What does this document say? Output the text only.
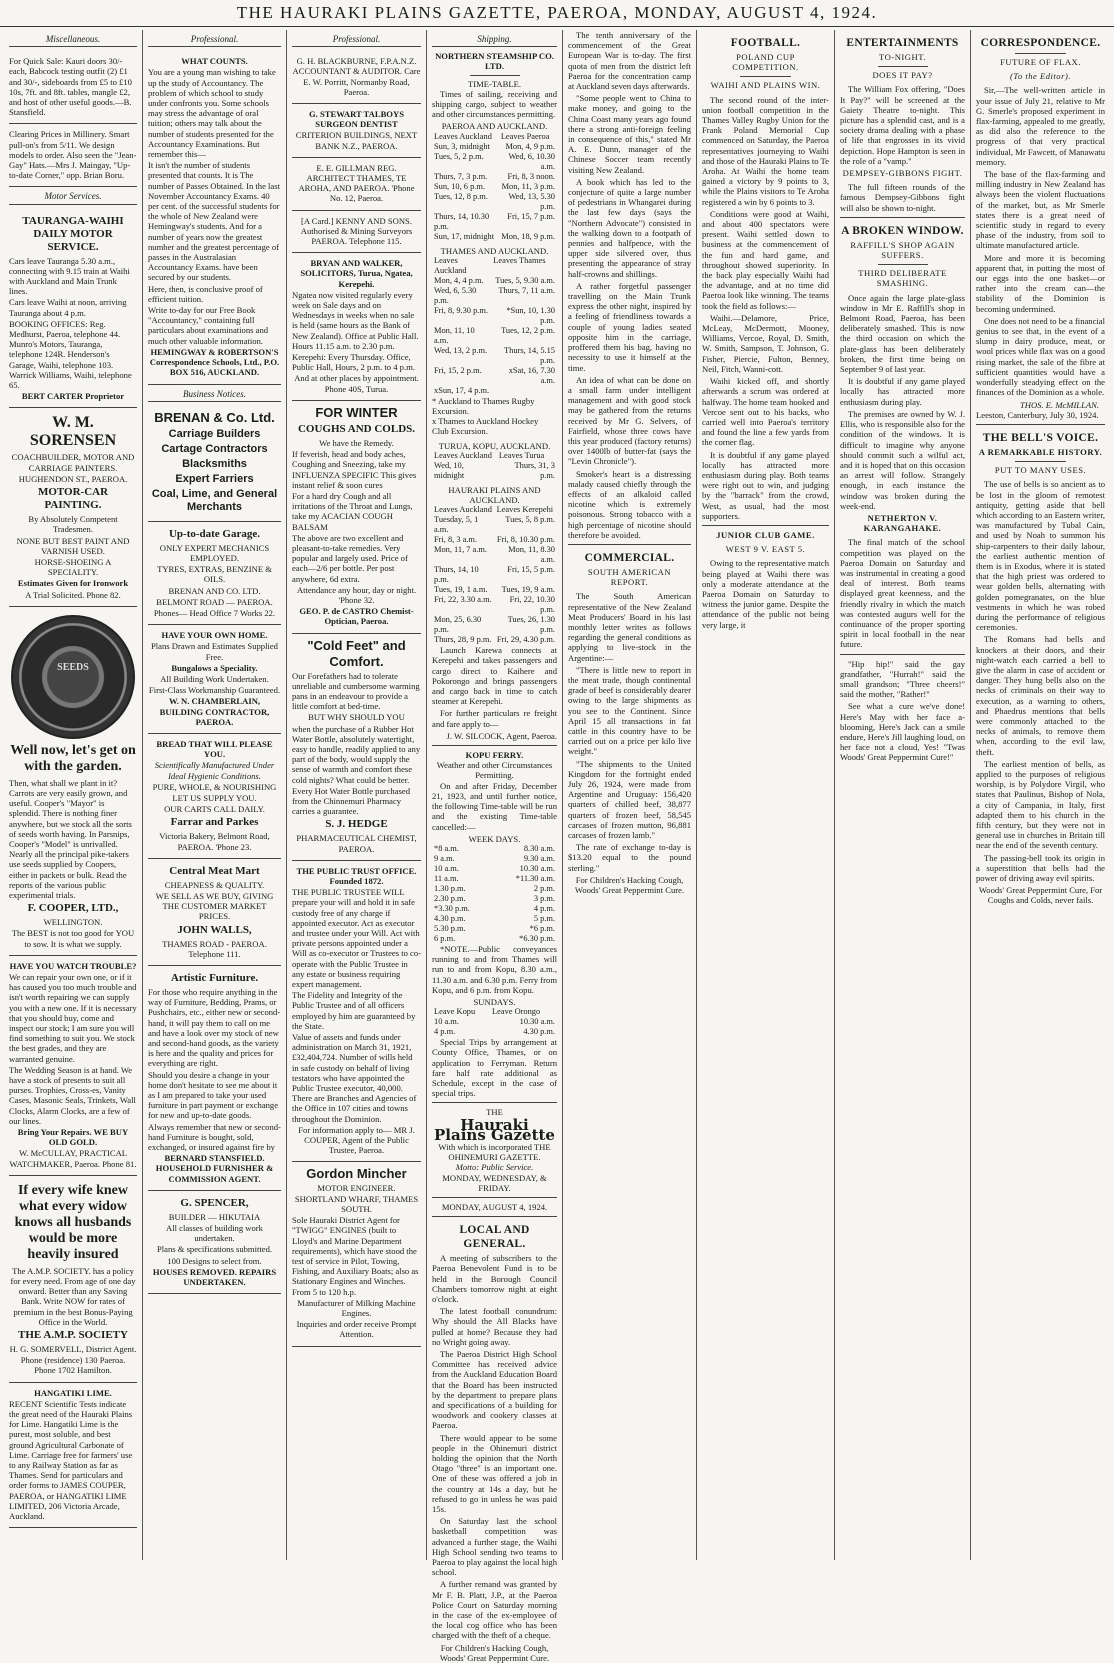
THE HAURAKI PLAINS GAZETTE, PAEROA, MONDAY, AUGUST 4, 1924.
Miscellaneous.
For Quick Sale: Kauri doors 30/- each, Babcock testing outfit (2) £1 and 30/-, sideboards from £5 to £10 10s, 7ft. and 8ft. tables, mangle £2, and host of other useful goods.—B. Stansfield.
Clearing Prices in Millinery. Smart pull-on's from 5/11. We design models to order. Also seen the "Jean-Gay" Hats.—Mrs J. Maingay, "Up-to-date Corner," opp. Brian Boru.
Motor Services.
TAURANGA-WAIHI DAILY MOTOR SERVICE.
Cars leave Tauranga 5.30 a.m., connecting with 9.15 train at Waihi with Auckland and Main Trunk lines.
Cars leave Waihi at noon, arriving Tauranga about 4 p.m.
BOOKING OFFICES: Reg. Medhurst, Paeroa, telephone 44. Munro's Motors, Tauranga, telephone 124R. Henderson's Garage, Waihi, telephone 103. Warrick Williams, Waihi, telephone 65.
BERT CARTER Proprietor
W. M. SORENSEN
COACHBUILDER, MOTOR AND CARRIAGE PAINTERS.
HUGHENDON ST., PAEROA.
MOTOR-CAR PAINTING.
By Absolutely Competent Tradesmen.
NONE BUT BEST PAINT AND VARNISH USED.
HORSE-SHOEING A SPECIALITY.
Estimates Given for Ironwork
A Trial Solicited. Phone 82.
SEEDS
Well now, let's get on with the garden.
Then, what shall we plant in it? Carrots are very easily grown, and useful. Cooper's "Mayor" is splendid. There is nothing finer anywhere, but we stock all the sorts of seeds worth having. In Parsnips, Cooper's "Model" is unrivalled. Nearly all the principal pike-takers use seeds supplied by Coopers, either in packets or bulk. Read the reports of the various public experimental trials.
F. COOPER, LTD.,
WELLINGTON.
The BEST is not too good for YOU to sow. It is what we supply.
HAVE YOU WATCH TROUBLE?
We can repair your own one, or if it has caused you too much trouble and isn't worth repairing we can supply you with a new one. If it is necessary that you should buy, come and inspect our stock; I am sure you will find something to suit you. We stock the best grades, and they are warranted genuine.
The Wedding Season is at hand. We have a stock of presents to suit all purses. Trophies, Cross-es, Vanity Cases, Masonic Seals, Trinkets, Wall Clocks, Alarm Clocks, are a few of our lines.
Bring Your Repairs. WE BUY OLD GOLD.
W. McCULLAY, PRACTICAL WATCHMAKER, Paeroa. Phone 81.
If every wife knew what every widow knows all husbands would be more heavily insured
The A.M.P. SOCIETY. has a policy for every need. From age of one day onward. Better than any Saving Bank. Write NOW for rates of premium in the best Bonus-Paying Office in the World.
THE A.M.P. SOCIETY
H. G. SOMERVELL, District Agent.
Phone (residence) 130 Paeroa. Phone 1702 Hamilton.
HANGATIKI LIME.
RECENT Scientific Tests indicate the great need of the Hauraki Plains for Lime. Hangatiki Lime is the purest, most soluble, and best ground Agricultural Carbonate of Lime. Carriage free for farmers' use to any Railway Station as far as Thames. Send for particulars and order forms to JAMES COUPER, PAEROA, or HANGATIKI LIME LIMITED, 206 Victoria Arcade, Auckland.
Professional.
WHAT COUNTS.
You are a young man wishing to take up the study of Accountancy. The problem of which school to study under confronts you. Some schools may stress the advantage of oral tuition; others may talk about the number of students presented for the Accountancy Examinations. But remember this—
It isn't the number of students presented that counts. It is The number of Passes Obtained. In the last November Accountancy Exams. 40 per cent. of the successful students for the whole of New Zealand were Hemingway's students. And for a number of years now the greatest number and the greatest percentage of passes in the Australasian Accountancy Exams. have been secured by our students.
Here, then, is conclusive proof of efficient tuition.
Write to-day for our Free Book "Accountancy," containing full particulars about examinations and much other valuable information.
HEMINGWAY & ROBERTSON'S Correspondence Schools, Ltd., P.O. BOX 516, AUCKLAND.
Business Notices.
BRENAN & Co. Ltd.
Carriage Builders
Cartage Contractors
Blacksmiths
Expert Farriers
Coal, Lime, and General Merchants
Up-to-date Garage.
ONLY EXPERT MECHANICS EMPLOYED.
TYRES, EXTRAS, BENZINE & OILS.
BRENAN AND CO. LTD.
BELMONT ROAD — PAEROA.
Phones— Head Office 7 Works 22.
HAVE YOUR OWN HOME.
Plans Drawn and Estimates Supplied Free.
Bungalows a Speciality.
All Building Work Undertaken.
First-Class Workmanship Guaranteed.
W. N. CHAMBERLAIN, BUILDING CONTRACTOR, PAEROA.
BREAD THAT WILL PLEASE YOU.
Scientifically Manufactured Under Ideal Hygienic Conditions.
PURE, WHOLE, & NOURISHING
LET US SUPPLY YOU.
OUR CARTS CALL DAILY.
Farrar and Parkes
Victoria Bakery, Belmont Road, PAEROA. 'Phone 23.
Central Meat Mart
CHEAPNESS & QUALITY.
WE SELL AS WE BUY, GIVING THE CUSTOMER MARKET PRICES.
JOHN WALLS,
THAMES ROAD - PAEROA. Telephone 111.
Artistic Furniture.
For those who require anything in the way of Furniture, Bedding, Prams, or Pushchairs, etc., either new or second-hand, it will pay them to call on me and have a look over my stock of new and second-hand goods, as the variety is here and the quality and prices for everything are right.
Should you desire a change in your home don't hesitate to see me about it as I am prepared to take your used furniture in part payment or exchange for new and up-to-date goods.
Always remember that new or second-hand Furniture is bought, sold, exchanged, or insured against fire by
BERNARD STANSFIELD. HOUSEHOLD FURNISHER & COMMISSION AGENT.
G. SPENCER,
BUILDER — HIKUTAIA
All classes of building work undertaken.
Plans & specifications submitted.
100 Designs to select from.
HOUSES REMOVED. REPAIRS UNDERTAKEN.
Professional.
G. H. BLACKBURNE, F.P.A.N.Z. ACCOUNTANT & AUDITOR. Care E. W. Porritt, Normanby Road, Paeroa.
G. STEWART TALBOYS SURGEON DENTIST
CRITERION BUILDINGS, NEXT BANK N.Z., PAEROA.
E. E. GILLMAN REG. ARCHITECT THAMES, TE AROHA, AND PAEROA. 'Phone No. 12, Paeroa.
[A Card.] KENNY AND SONS. Authorised & Mining Surveyors PAEROA. Telephone 115.
BRYAN AND WALKER, SOLICITORS, Turua, Ngatea, Kerepehi.
Ngatea now visited regularly every week on Sale days and on Wednesdays in weeks when no sale is held (same hours as the Bank of New Zealand). Office at Public Hall. Hours 11.15 a.m. to 2.30 p.m.
Kerepehi: Every Thursday. Office, Public Hall, Hours, 2 p.m. to 4 p.m.
And at other places by appointment. Phone 40S, Turua.
FOR WINTER
COUGHS AND COLDS.
We have the Remedy.
If feverish, head and body aches, Coughing and Sneezing, take my INFLUENZA SPECIFIC This gives instant relief & soon cures
For a hard dry Cough and all irritations of the Throat and Lungs, take my ACACIAN COUGH BALSAM
The above are two excellent and pleasant-to-take remedies. Very popular and largely used. Price of each—2/6 per bottle. Per post anywhere, 6d extra.
Attendance any hour, day or night. 'Phone 32.
GEO. P. de CASTRO Chemist-Optician, Paeroa.
"Cold Feet" and Comfort.
Our Forefathers had to tolerate unreliable and cumbersome warming pans in an endeavour to provide a little comfort at bed-time.
BUT WHY SHOULD YOU
when the purchase of a Rubber Hot Water Bottle, absolutely watertight, easy to handle, readily applied to any part of the body, would supply the sense of warmth and comfort these cold nights? What could be better.
Every Hot Water Bottle purchased from the Chinnemuri Pharmacy carries a guarantee.
S. J. HEDGE
PHARMACEUTICAL CHEMIST, PAEROA.
THE PUBLIC TRUST OFFICE. Founded 1872.
THE PUBLIC TRUSTEE WILL prepare your will and hold it in safe custody free of any charge if appointed executor. Act as executor and trustee under your Will. Act with private persons appointed under a Will as co-executor or Trustees to co-operate with the Public Trustee in any estate or business requiring expert management.
The Fidelity and Integrity of the Public Trustee and of all officers employed by him are guaranteed by the State.
Value of assets and funds under administration on March 31, 1921, £32,404,724. Number of wills held in safe custody on behalf of living testators who have appointed the Public Trustee executor, 40,000. There are Branches and Agencies of the Office in 107 cities and towns throughout the Dominion.
For information apply to— MR J. COUPER, Agent of the Public Trustee, Paeroa.
Gordon Mincher
MOTOR ENGINEER. SHORTLAND WHARF, THAMES SOUTH.
Sole Hauraki District Agent for "TWIGG" ENGINES (built to Lloyd's and Marine Department requirements), which have stood the test of service in Pilot, Towing, Fishing, and Auxiliary Boats; also as Stationary Engines and Winches. From 5 to 120 h.p.
Manufacturer of Milking Machine Engines.
Inquiries and order receive Prompt Attention.
Shipping.
NORTHERN STEAMSHIP CO. LTD.
TIME-TABLE.

Times of sailing, receiving and shipping cargo, subject to weather and other circumstances permitting.

PAEROA AND AUCKLAND.
Leaves Auckland	Leaves Paeroa
Sun, 3, midnight	Mon, 4, 9 p.m.
Tues, 5, 2 p.m.	Wed, 6, 10.30 a.m.
Thurs, 7, 3 p.m.	Fri, 8, 3 noon.
Sun, 10, 6 p.m.	Mon, 11, 3 p.m.
Tues, 12, 8 p.m.	Wed, 13, 5.30 p.m.
Thurs, 14, 10.30 p.m.	Fri, 15, 7 p.m.
Sun, 17, midnight	Mon, 18, 9 p.m.
THAMES AND AUCKLAND.
Leaves Auckland	Leaves Thames
Mon, 4, 4 p.m.	Tues, 5, 9.30 a.m.
Wed, 6, 5.30 p.m.	Thurs, 7, 11 a.m.
Fri, 8, 9.30 p.m.	*Sun, 10, 1.30 p.m.
Mon, 11, 10 a.m.	Tues, 12, 2 p.m.
Wed, 13, 2 p.m.	Thurs, 14, 5.15 p.m.
Fri, 15, 2 p.m.	xSat, 16, 7.30 a.m.
xSun, 17, 4 p.m.	
* Auckland to Thames Rugby Excursion.
x Thames to Auckland Hockey Club Excursion.
TURUA, KOPU, AUCKLAND.
Leaves Auckland	Leaves Turua
Wed, 10, midnight	Thurs, 31, 3 p.m.
HAURAKI PLAINS AND AUCKLAND.
Leaves Auckland	Leaves Kerepehi
Tuesday, 5, 1 a.m.	Tues, 5, 8 p.m.
Fri, 8, 3 a.m.	Fri, 8, 10.30 p.m.
Mon, 11, 7 a.m.	Mon, 11, 8.30 a.m.
Thurs, 14, 10 p.m.	Fri, 15, 5 p.m.
Tues, 19, 1 a.m.	Tues, 19, 9 a.m.
Fri, 22, 3.30 a.m.	Fri, 22, 10.30 p.m.
Mon, 25, 6.30 p.m.	Tues, 26, 1.30 p.m.
Thurs, 28, 9 p.m.	Fri, 29, 4.30 p.m.

Launch Karewa connects at Kerepehi and takes passengers and cargo direct to Kaihere and Pokorongo and brings passengers and cargo back in time to catch steamer at Kerepehi.

For further particulars re freight and fare apply to—

J. W. SILCOCK, Agent, Paeroa.
KOPU FERRY.
Weather and other Circumstances Permitting.

On and after Friday, December 21, 1923, and until further notice, the following Time-table will be run and the existing Time-table cancelled:—

WEEK DAYS.
*8 a.m.	8.30 a.m.
9 a.m.	9.30 a.m.
10 a.m.	10.30 a.m.
11 a.m.	*11.30 a.m.
1.30 p.m.	2 p.m.
2.30 p.m.	3 p.m.
*3.30 p.m.	4 p.m.
4.30 p.m.	5 p.m.
5.30 p.m.	*6 p.m.
6 p.m.	*6.30 p.m.

*NOTE.—Public conveyances running to and from Thames will run to and from Kopu, 8.30 a.m., 11.30 a.m. and 6.30 p.m. Ferry from Kopu, and 6 p.m. from Kopu.

SUNDAYS.
Leave Kopu	Leave Orongo
10 a.m.	10.30 a.m.
4 p.m.	4.30 p.m.

Special Trips by arrangement at County Office, Thames, or on application to Ferryman. Return fare half rate additional as Schedule, except in the case of special trips.

THE
Hauraki Plains Gazette
With which is incorporated THE OHINEMURI GAZETTE.
Motto: Public Service.
MONDAY, WEDNESDAY, & FRIDAY.
MONDAY, AUGUST 4, 1924.
LOCAL AND GENERAL.

A meeting of subscribers to the Paeroa Benevolent Fund is to be held in the Borough Council Chambers tomorrow night at eight o'clock.

The latest football conundrum: Why should the All Blacks have pulled at home? Because they had no Wright going away.

The Paeroa District High School Committee has received advice from the Auckland Education Board that the Board has been instructed by the department to prepare plans and specifications of a building for woodwork and cookery classes at Paeroa.

There would appear to be some people in the Ohinemuri district holding the opinion that the North Otago "three" is an important one. One of these was offered a job in the country at 14s a day, but he refused to go in unless he was paid 15s.

On Saturday last the school basketball competition was advanced a further stage, the Waihi High School sending two teams to Paeroa to play against the local high school.

A further remand was granted by Mr F. B. Platt, J.P., at the Paeroa Police Court on Saturday morning in the case of the ex-employee of the local cog office who has been charged with the theft of a cheque.

For Children's Hacking Cough, Woods' Great Peppermint Cure.

The tenth anniversary of the commencement of the Great European War is to-day. The first quota of men from the district left Paeroa for the concentration camp at Auckland seven days afterwards.

"Some people went to China to make money, and going to the China Coast many years ago found there a strong anti-foreign feeling in consequence of this," stated Mr A. E. Dunn, manager of the Chinese Soccer team recently visiting New Zealand.

A book which has led to the conjecture of quite a large number of pedestrians in Whangarei during the last few days (says the "Northern Advocate") consisted in the walking down to a footpath of pennies and halfpence, with the upper side silvered over, thus presenting the appearance of stray half-crowns and shillings.

A rather forgetful passenger travelling on the Main Trunk express the other night, inspired by a feeling of friendliness towards a couple of young ladies seated opposite him in the carriage, proffered them his bag, having no necessity to use it himself at the time.

An idea of what can be done on a small farm under intelligent management and with good stock may be gathered from the returns received by Mr G. Selvers, of Fairfield, whose three cows have this year produced (factory returns) over 1400lb of butter-fat (says the "Levin Chronicle").

Smoker's heart is a distressing malady caused chiefly through the effects of an alkaloid called nicotine which is extremely poisonous. Strong tobacco with a high percentage of nicotine should therefore be avoided.

COMMERCIAL.
SOUTH AMERICAN REPORT.

The South American representative of the New Zealand Meat Producers' Board in his last monthly letter writes as follows regarding the general conditions as applying to live-stock in the Argentine:—

"There is little new to report in the meat trade, though continental grade of beef is considerably dearer owing to the large shipments as you see to the Continent. Since April 15 all transactions in fat cattle in this country have to be carried out on a price per kilo live weight."

"The shipments to the United Kingdom for the fortnight ended July 26, 1924, were made from Argentine and Uruguay: 156,420 quarters of chilled beef, 38,877 quarters of frozen beef, 58,545 carcases of frozen mutton, 96,881 carcases of frozen lamb."

The rate of exchange to-day is $13.20 equal to the pound sterling."

For Children's Hacking Cough, Woods' Great Peppermint Cure.
FOOTBALL.
POLAND CUP COMPETITION.
WAIHI AND PLAINS WIN.

The second round of the inter-union football competition in the Thames Valley Rugby Union for the Frank Poland Memorial Cup commenced on Saturday, the Paeroa representatives journeying to Waihi and those of the Hauraki Plains to Te Aroha. At Waihi the home team gained a victory by 9 points to 3, while the Plains visitors to Te Aroha registered a win by 6 points to 3.

Conditions were good at Waihi, and about 400 spectators were present. Waihi settled down to business at the commencement of the fun and hard game, and throughout showed superiority. In the back play especially Waihi had the advantage, and at no time did Paeroa look like winning. The teams took the field as follows:—

Waihi.—Delamore, Price, McLeay, McDermott, Mooney, Williams, Vercoe, Royal, D. Smith, W. Smith, Sampson, T. Johnson, G. Fisher, Piercie, Fulton, Benney, Neil, Fitch, Wanni-cott.

Waihi kicked off, and shortly afterwards a scrum was ordered at halfway. The home team hooked and Vercoe sent out to his backs, who carried well into Paeroa's territory and found the line a few yards from the corner flag.

It is doubtful if any game played locally has attracted more enthusiasm during play. Both teams were right out to win, and judging by the "barrack" from the crowd, West, as usual, had the most supporters.

JUNIOR CLUB GAME.
WEST 9 V. EAST 5.

Owing to the representative match being played at Waihi there was only a moderate attendance at the Paeroa Domain on Saturday to witness the junior game. Despite the attendance of the public not being very large, it

ENTERTAINMENTS
TO-NIGHT.
DOES IT PAY?

The William Fox offering, "Does It Pay?" will be screened at the Gaiety Theatre to-night. This picture has a splendid cast, and is a society drama dealing with a phase of life that engrosses in its vivid depiction. Hope Hampton is seen in the role of a "vamp."

DEMPSEY-GIBBONS FIGHT.

The full fifteen rounds of the famous Dempsey-Gibbons fight will also be shown to-night.

A BROKEN WINDOW.
RAFFILL'S SHOP AGAIN SUFFERS.
THIRD DELIBERATE SMASHING.

Once again the large plate-glass window in Mr E. Raffill's shop in Belmont Road, Paeroa, has been deliberately smashed. This is now the third occasion on which the plate-glass has been deliberately broken, the first time being on September 9 of last year.

It is doubtful if any game played locally has attracted more enthusiasm during play.

The premises are owned by W. J. Ellis, who is responsible also for the condition of the windows. It is difficult to imagine why anyone should commit such a wilful act, and it is hoped that on this occasion an arrest will follow. Strangely enough, in each instance the window was broken during the week-end.

NETHERTON V. KARANGAHAKE.

The final match of the school competition was played on the Paeroa Domain on Saturday and was instrumental in creating a good deal of interest. Both teams displayed great keenness, and the friendly rivalry in which the match was contested augurs well for the continuance of the proper sporting spirit in local football in the near future.

"Hip hip!" said the gay grandfather, "Hurrah!" said the small grandson; "Three cheers!" said the mother, "Rather!"

See what a cure we've done! Here's May with her face a-blooming, Here's Jack can a smile endure, Here's Jill laughing loud, on her face not a cloud, Yes! "Twas Woods' Great Peppermint Cure!"

CORRESPONDENCE.
FUTURE OF FLAX.
(To the Editor).

Sir,—The well-written article in your issue of July 21, relative to Mr G. Smerle's proposed experiment in flax-farming, appealed to me greatly, as did also the reference to the progress of that very practical individual, Mr Fawcett, of Manawatu memory.

The base of the flax-farming and milling industry in New Zealand has always been the violent fluctuations of the market, but, as Mr Smerle states there is a great need of scientific study in regard to every phase of the industry, from soil to ultimate manufactured article.

More and more it is becoming apparent that, in putting the most of our eggs into the one basket—or rather into the cream can—the stability of the Dominion is becoming undermined.

One does not need to be a financial genius to see that, in the event of a slump in dairy produce, meat, or wool prices while flax was on a good rising market, the sale of the fibre at sufficient quantities would have a wonderfully steadying effect on the finances of the Dominion as a whole.

THOS. E. McMILLAN.
Leeston, Canterbury, July 30, 1924.
THE BELL'S VOICE.
A REMARKABLE HISTORY.
PUT TO MANY USES.

The use of bells is so ancient as to be lost in the gloom of remotest antiquity, getting aside that bell which according to an Eastern writer, was manufactured by Tubal Cain, and used by Noah to summon his ship-carpenters to their daily labour, the earliest authentic mention of them is in Exodus, where it is stated that the high priest was ordered to wear golden bells, alternating with golden pomegranates, on the blue vestments in which he was robed during the performance of religious ceremonies.

The Romans had bells and knockers at their doors, and their night-watch each carried a bell to give the alarm in case of accident or danger. They hung bells also on the necks of criminals on their way to execution, as a warning to others, and Phaedrus mentions that bells were commonly attached to the necks of animals, to remove them when, according to the evil law, theft.

The earliest mention of bells, as applied to the purposes of religious worship, is by Polydore Virgil, who states that Paulinus, Bishop of Nola, a city of Campania, in Italy, first adapted them to his church in the fifth century, but they were not in general use in churches in Britain till near the end of the seventh century.

The passing-bell took its origin in a superstition that bells had the power of driving away evil spirits.

Woods' Great Peppermint Cure, For Coughs and Colds, never fails.
